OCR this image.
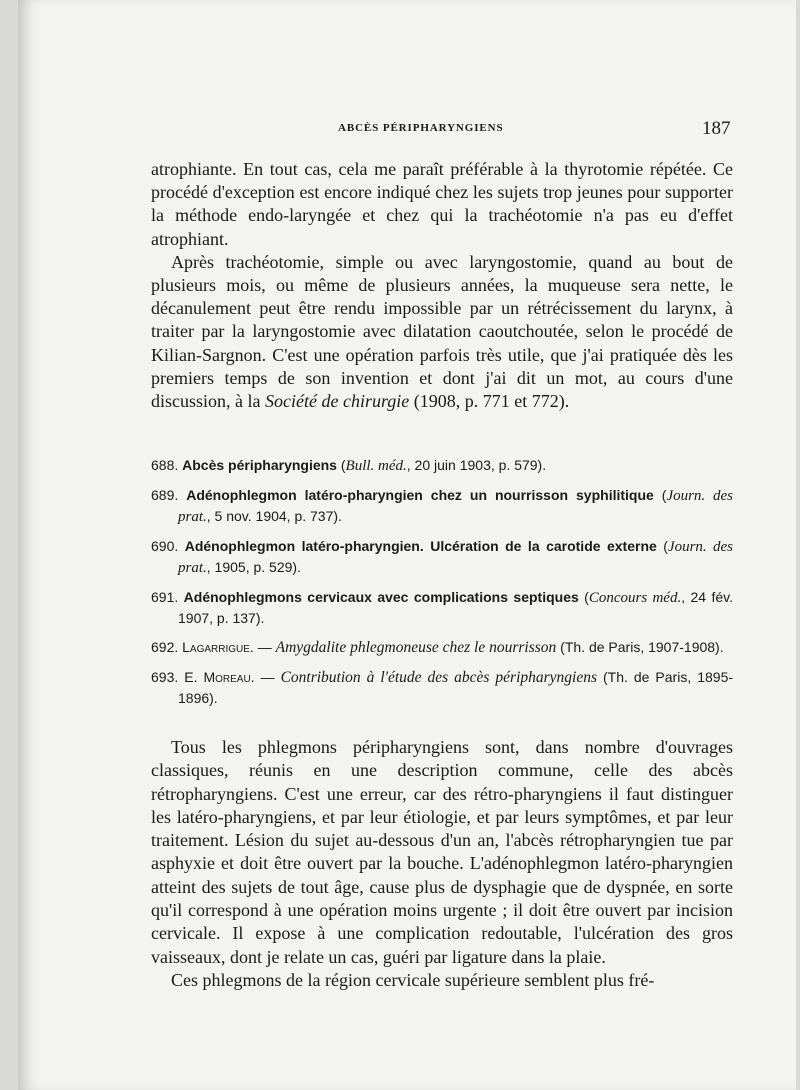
ABCÈS PÉRIPHARYNGIENS	187

atrophiante. En tout cas, cela me paraît préférable à la thyrotomie répétée. Ce procédé d'exception est encore indiqué chez les sujets trop jeunes pour supporter la méthode endo-laryngée et chez qui la trachéotomie n'a pas eu d'effet atrophiant.

Après trachéotomie, simple ou avec laryngostomie, quand au bout de plusieurs mois, ou même de plusieurs années, la muqueuse sera nette, le décanulement peut être rendu impossible par un rétrécissement du larynx, à traiter par la laryngostomie avec dilatation caoutchoutée, selon le procédé de Kilian-Sargnon. C'est une opération parfois très utile, que j'ai pratiquée dès les premiers temps de son invention et dont j'ai dit un mot, au cours d'une discussion, à la Société de chirurgie (1908, p. 771 et 772).

688. Abcès péripharyngiens (Bull. méd., 20 juin 1903, p. 579).
689. Adénophlegmon latéro-pharyngien chez un nourrisson syphilitique (Journ. des prat., 5 nov. 1904, p. 737).
690. Adénophlegmon latéro-pharyngien. Ulcération de la carotide externe (Journ. des prat., 1905, p. 529).
691. Adénophlegmons cervicaux avec complications septiques (Concours méd., 24 fév. 1907, p. 137).
692. Lagarrigue. — Amygdalite phlegmoneuse chez le nourrisson (Th. de Paris, 1907-1908).
693. E. Moreau. — Contribution à l'étude des abcès péripharyngiens (Th. de Paris, 1895-1896).

Tous les phlegmons péripharyngiens sont, dans nombre d'ouvrages classiques, réunis en une description commune, celle des abcès rétropharyngiens. C'est une erreur, car des rétro-pharyngiens il faut distinguer les latéro-pharyngiens, et par leur étiologie, et par leurs symptômes, et par leur traitement. Lésion du sujet au-dessous d'un an, l'abcès rétropharyngien tue par asphyxie et doit être ouvert par la bouche. L'adénophlegmon latéro-pharyngien atteint des sujets de tout âge, cause plus de dysphagie que de dyspnée, en sorte qu'il correspond à une opération moins urgente ; il doit être ouvert par incision cervicale. Il expose à une complication redoutable, l'ulcération des gros vaisseaux, dont je relate un cas, guéri par ligature dans la plaie.

Ces phlegmons de la région cervicale supérieure semblent plus fré-
